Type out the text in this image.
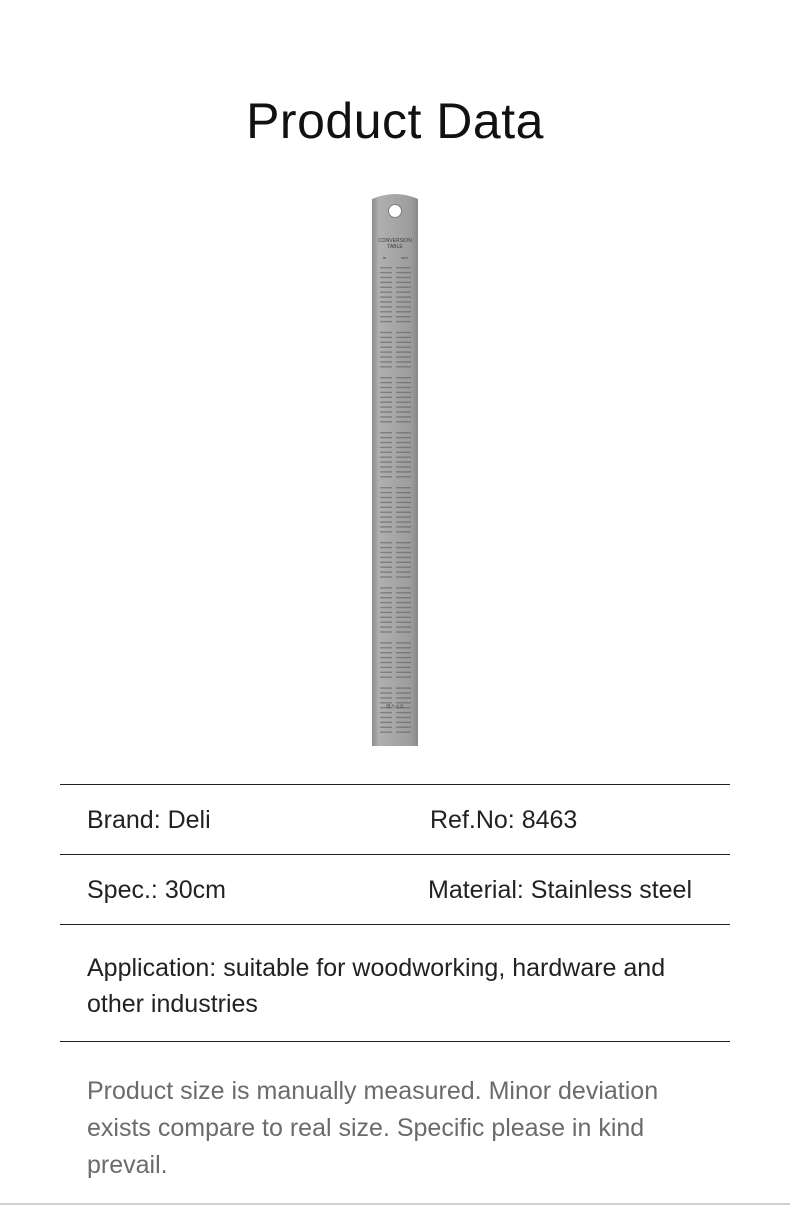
Product Data
CONVERSION
TABLE
in	mm
得力文具
Brand: Deli	Ref.No: 8463
Spec.: 30cm	Material: Stainless steel
Application: suitable for woodworking, hardware and other industries
Product size is manually measured. Minor deviation exists compare to real size. Specific please in kind prevail.
